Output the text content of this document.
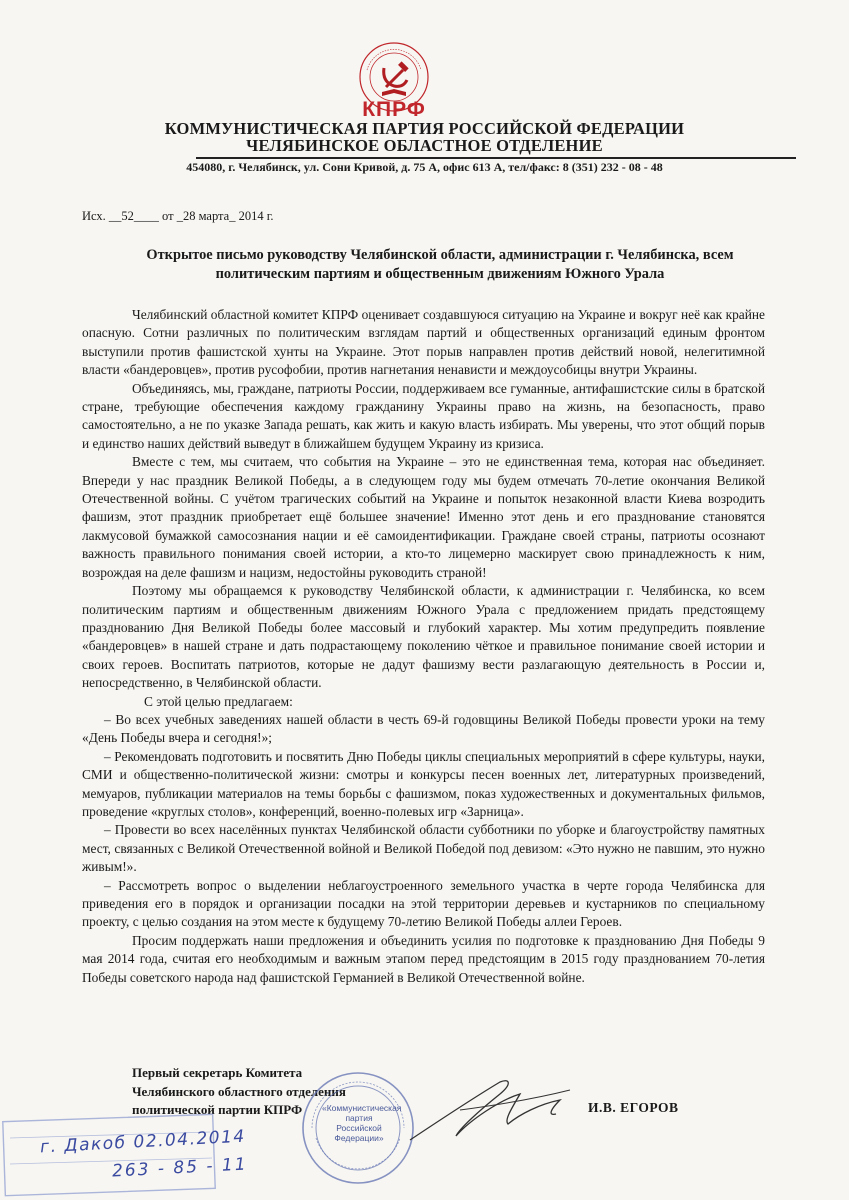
КПРФ
КОММУНИСТИЧЕСКАЯ ПАРТИЯ РОССИЙСКОЙ ФЕДЕРАЦИИ
ЧЕЛЯБИНСКОЕ ОБЛАСТНОЕ ОТДЕЛЕНИЕ
454080, г. Челябинск, ул. Сони Кривой, д. 75 А, офис 613 А, тел/факс: 8 (351) 232 - 08 - 48
Исх. __52____ от _28 марта_ 2014 г.
Открытое письмо руководству Челябинской области, администрации г. Челябинска, всем политическим партиям и общественным движениям Южного Урала

Челябинский областной комитет КПРФ оценивает создавшуюся ситуацию на Украине и вокруг неё как крайне опасную. Сотни различных по политическим взглядам партий и общественных организаций единым фронтом выступили против фашистской хунты на Украине. Этот порыв направлен против действий новой, нелегитимной власти «бандеровцев», против русофобии, против нагнетания ненависти и междоусобицы внутри Украины.

Объединяясь, мы, граждане, патриоты России, поддерживаем все гуманные, антифашистские силы в братской стране, требующие обеспечения каждому гражданину Украины право на жизнь, на безопасность, право самостоятельно, а не по указке Запада решать, как жить и какую власть избирать. Мы уверены, что этот общий порыв и единство наших действий выведут в ближайшем будущем Украину из кризиса.

Вместе с тем, мы считаем, что события на Украине – это не единственная тема, которая нас объединяет. Впереди у нас праздник Великой Победы, а в следующем году мы будем отмечать 70-летие окончания Великой Отечественной войны. С учётом трагических событий на Украине и попыток незаконной власти Киева возродить фашизм, этот праздник приобретает ещё большее значение! Именно этот день и его празднование становятся лакмусовой бумажкой самосознания нации и её самоидентификации. Граждане своей страны, патриоты осознают важность правильного понимания своей истории, а кто-то лицемерно маскирует свою принадлежность к ним, возрождая на деле фашизм и нацизм, недостойны руководить страной!

Поэтому мы обращаемся к руководству Челябинской области, к администрации г. Челябинска, ко всем политическим партиям и общественным движениям Южного Урала с предложением придать предстоящему празднованию Дня Великой Победы более массовый и глубокий характер. Мы хотим предупредить появление «бандеровцев» в нашей стране и дать подрастающему поколению чёткое и правильное понимание своей истории и своих героев. Воспитать патриотов, которые не дадут фашизму вести разлагающую деятельность в России и, непосредственно, в Челябинской области.

С этой целью предлагаем:

– Во всех учебных заведениях нашей области в честь 69-й годовщины Великой Победы провести уроки на тему «День Победы вчера и сегодня!»;

– Рекомендовать подготовить и посвятить Дню Победы циклы специальных мероприятий в сфере культуры, науки, СМИ и общественно-политической жизни: смотры и конкурсы песен военных лет, литературных произведений, мемуаров, публикации материалов на темы борьбы с фашизмом, показ художественных и документальных фильмов, проведение «круглых столов», конференций, военно-полевых игр «Зарница».

– Провести во всех населённых пунктах Челябинской области субботники по уборке и благоустройству памятных мест, связанных с Великой Отечественной войной и Великой Победой под девизом: «Это нужно не павшим, это нужно живым!».

– Рассмотреть вопрос о выделении неблагоустроенного земельного участка в черте города Челябинска для приведения его в порядок и организации посадки на этой территории деревьев и кустарников по специальному проекту, с целью создания на этом месте к будущему 70-летию Великой Победы аллеи Героев.

Просим поддержать наши предложения и объединить усилия по подготовке к празднованию Дня Победы 9 мая 2014 года, считая его необходимым и важным этапом перед предстоящим в 2015 году празднованием 70-летия Победы советского народа над фашистской Германией в Великой Отечественной войне.

Первый секретарь Комитета
Челябинского областного отделения
политической партии КПРФ	«Коммунистическая партия Российской Федерации»
И.В. ЕГОРОВ
г. Дакоб 02.04.2014
263 - 85 - 11
